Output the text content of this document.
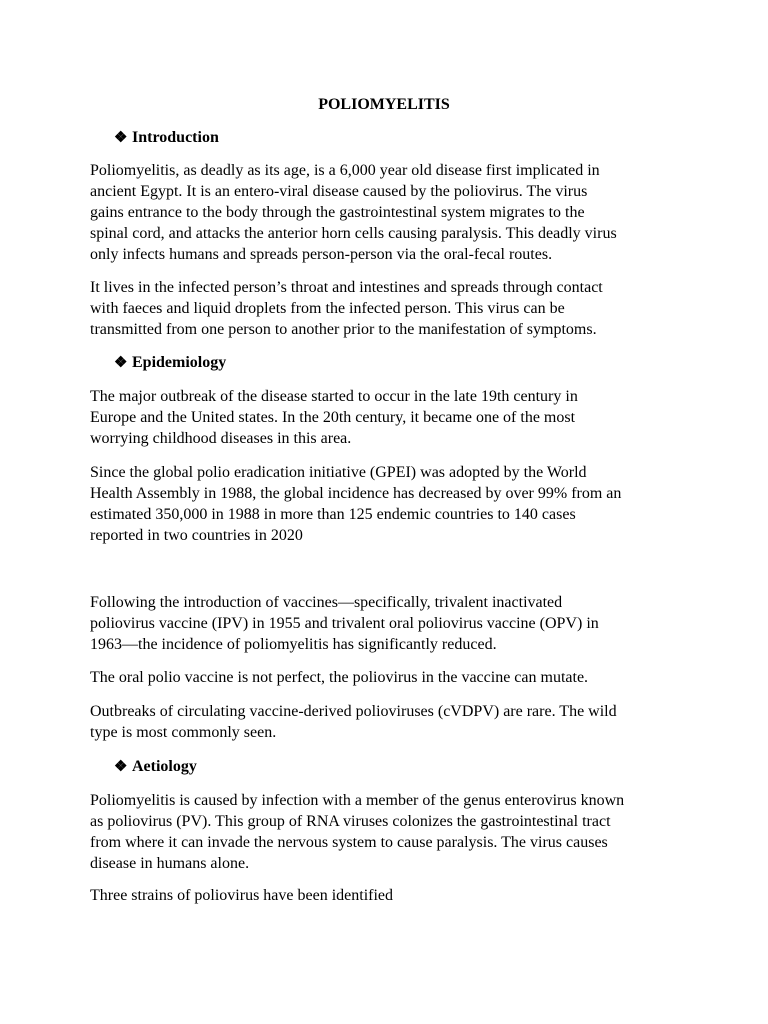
POLIOMYELITIS
❖ Introduction
Poliomyelitis, as deadly as its age, is a 6,000 year old disease first implicated in
ancient Egypt. It is an entero-viral disease caused by the poliovirus. The virus
gains entrance to the body through the gastrointestinal system migrates to the
spinal cord, and attacks the anterior horn cells causing paralysis. This deadly virus
only infects humans and spreads person-person via the oral-fecal routes.
It lives in the infected person’s throat and intestines and spreads through contact
with faeces and liquid droplets from the infected person. This virus can be
transmitted from one person to another prior to the manifestation of symptoms.
❖ Epidemiology
The major outbreak of the disease started to occur in the late 19th century in
Europe and the United states. In the 20th century, it became one of the most
worrying childhood diseases in this area.
Since the global polio eradication initiative (GPEI) was adopted by the World
Health Assembly in 1988, the global incidence has decreased by over 99% from an
estimated 350,000 in 1988 in more than 125 endemic countries to 140 cases
reported in two countries in 2020
Following the introduction of vaccines—specifically, trivalent inactivated
poliovirus vaccine (IPV) in 1955 and trivalent oral poliovirus vaccine (OPV) in
1963—the incidence of poliomyelitis has significantly reduced.
The oral polio vaccine is not perfect, the poliovirus in the vaccine can mutate.
Outbreaks of circulating vaccine-derived polioviruses (cVDPV) are rare. The wild
type is most commonly seen.
❖ Aetiology
Poliomyelitis is caused by infection with a member of the genus enterovirus known
as poliovirus (PV). This group of RNA viruses colonizes the gastrointestinal tract
from where it can invade the nervous system to cause paralysis. The virus causes
disease in humans alone.
Three strains of poliovirus have been identified
